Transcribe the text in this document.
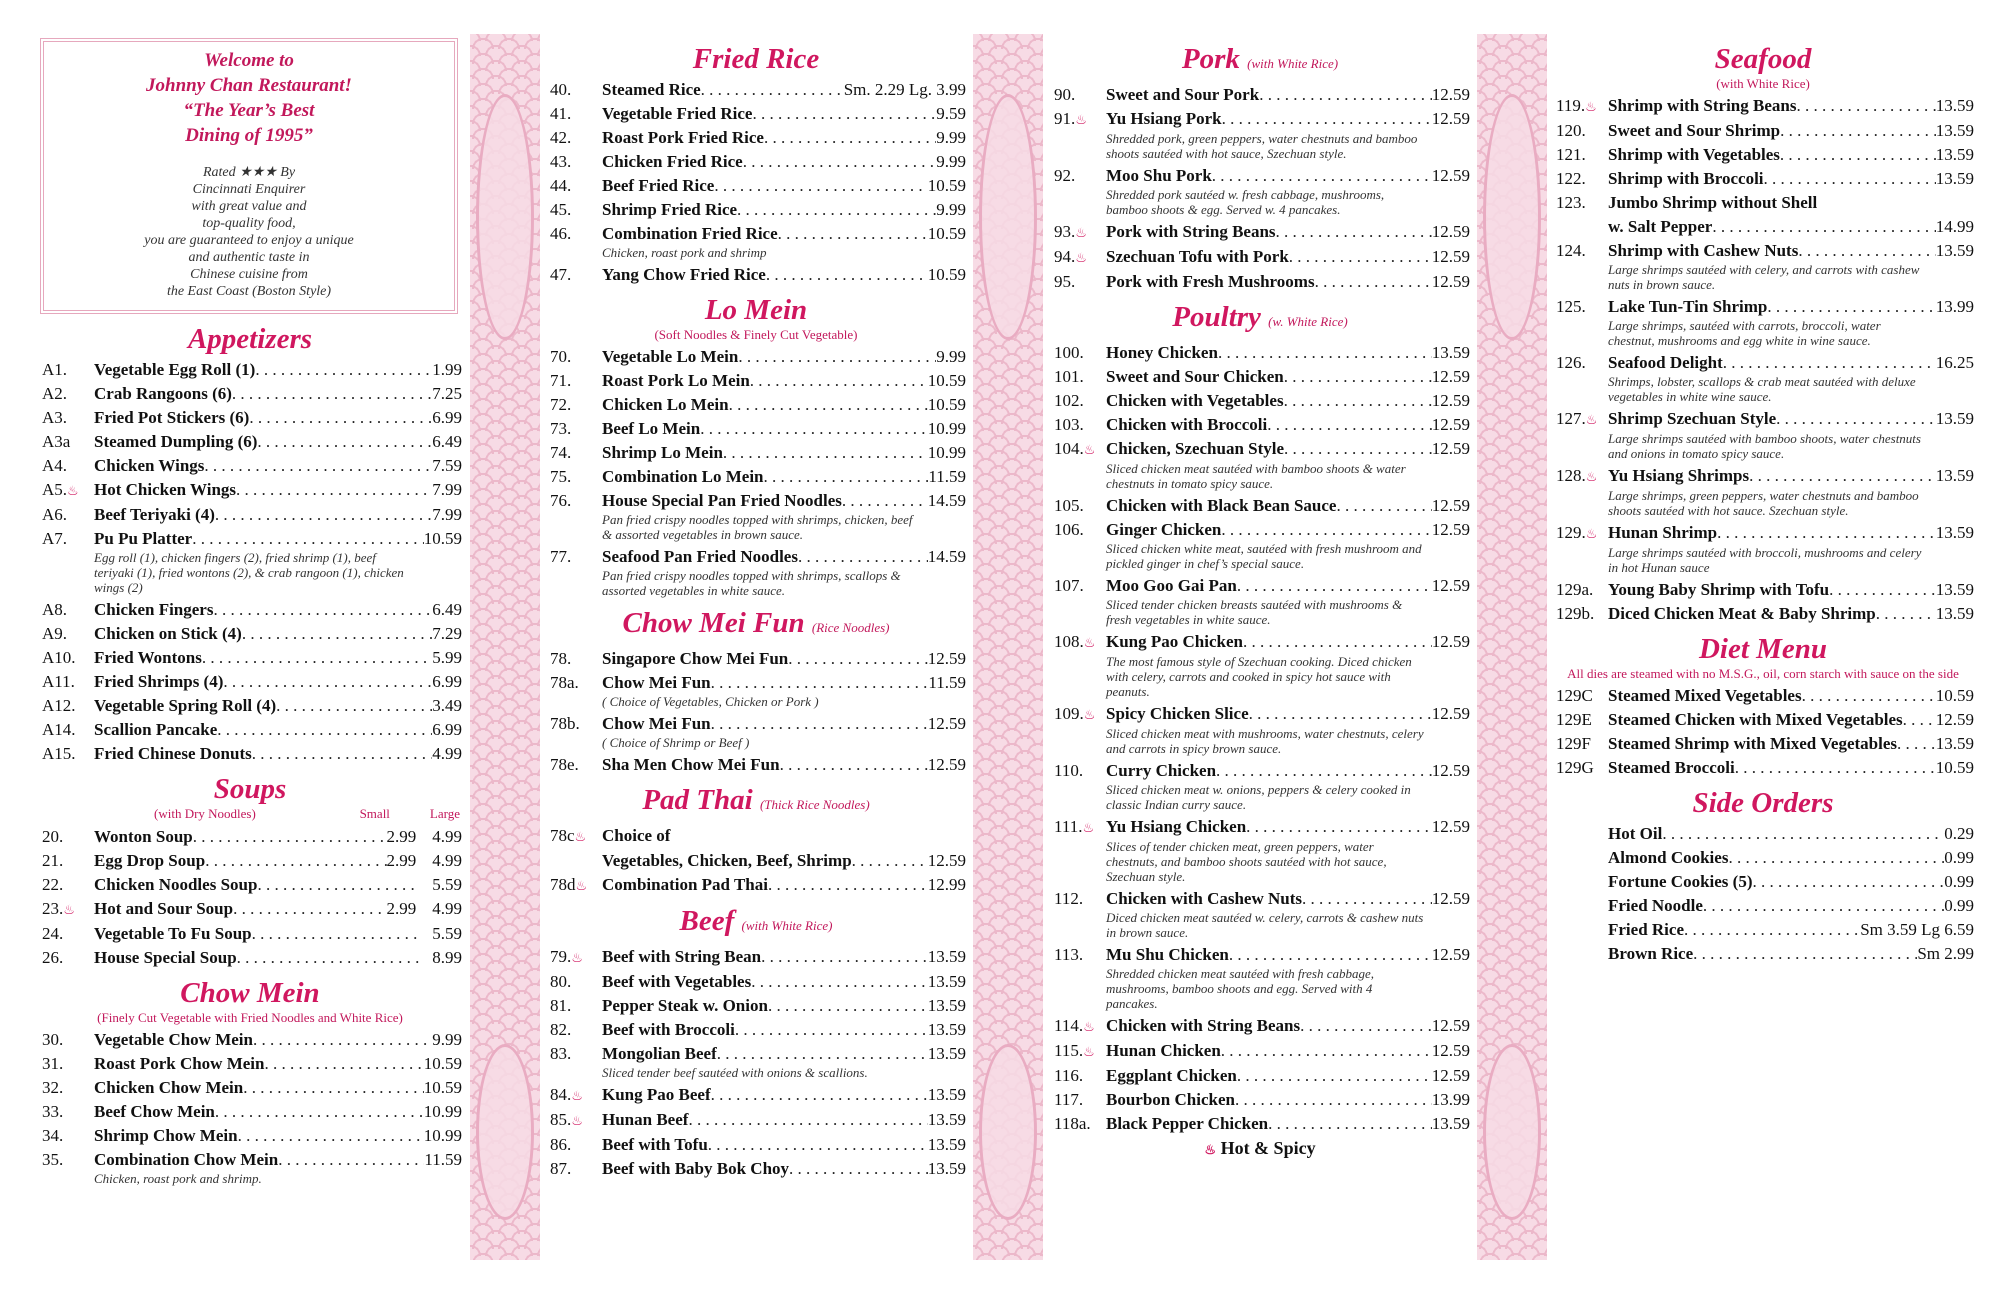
Welcome to
Johnny Chan Restaurant!
“The Year’s Best
Dining of 1995”
Rated ★★★ By
Cincinnati Enquirer
with great value and
top-quality food,
you are guaranteed to enjoy a unique
and authentic taste in
Chinese cuisine from
the East Coast (Boston Style)
Appetizers
A1.	Vegetable Egg Roll (1) . . .	1.99
A2.	Crab Rangoons (6) . . .	7.25
A3.	Fried Pot Stickers (6) . . .	6.99
A3a	Steamed Dumpling (6) . . .	6.49
A4.	Chicken Wings . . .	7.59
A5.♨ Hot Chicken Wings . . .	7.99
A6.	Beef Teriyaki (4) . . .	7.99
A7.	Pu Pu Platter . . .	10.59
Egg roll (1), chicken fingers (2), fried shrimp (1), beef teriyaki (1), fried wontons (2), & crab rangoon (1), chicken wings (2)
A8.	Chicken Fingers . . .	6.49
A9.	Chicken on Stick (4) . . .	7.29
A10.	Fried Wontons . . .	5.99
A11.	Fried Shrimps (4) . . .	6.99
A12.	Vegetable Spring Roll (4) . . .	3.49
A14.	Scallion Pancake . . .	6.99
A15.	Fried Chinese Donuts . . .	4.99
Soups
(with Dry Noodles)	Small	Large
20.	Wonton Soup . . .	2.99 4.99
21.	Egg Drop Soup . . .	2.99 4.99
22.	Chicken Noodles Soup . . .	5.59
23.♨	Hot and Sour Soup . . .	2.99 4.99
24.	Vegetable To Fu Soup . . .	5.59
26.	House Special Soup . . .	8.99
Chow Mein
(Finely Cut Vegetable with Fried Noodles and White Rice)
30.	Vegetable Chow Mein . . .	9.99
31.	Roast Pork Chow Mein . . .	10.59
32.	Chicken Chow Mein . . .	10.59
33.	Beef Chow Mein . . .	10.99
34.	Shrimp Chow Mein . . .	10.99
35.	Combination Chow Mein . . .	11.59
Chicken, roast pork and shrimp.
Fried Rice
40.	Steamed Rice . . .	Sm. 2.29 Lg. 3.99
41.	Vegetable Fried Rice . . .	9.59
42.	Roast Pork Fried Rice . . .	9.99
43.	Chicken Fried Rice . . .	9.99
44.	Beef Fried Rice . . .	10.59
45.	Shrimp Fried Rice . . .	9.99
46.	Combination Fried Rice . . .	10.59
Chicken, roast pork and shrimp
47.	Yang Chow Fried Rice . . .	10.59
Lo Mein
(Soft Noodles & Finely Cut Vegetable)
70.	Vegetable Lo Mein . . .	9.99
71.	Roast Pork Lo Mein . . .	10.59
72.	Chicken Lo Mein . . .	10.59
73.	Beef Lo Mein . . .	10.99
74.	Shrimp Lo Mein . . .	10.99
75.	Combination Lo Mein . . .	11.59
76.	House Special Pan Fried Noodles . . .	14.59
Pan fried crispy noodles topped with shrimps, chicken, beef & assorted vegetables in brown sauce.
77.	Seafood Pan Fried Noodles . . .	14.59
Pan fried crispy noodles topped with shrimps, scallops & assorted vegetables in white sauce.
Chow Mei Fun (Rice Noodles)
78.	Singapore Chow Mei Fun . . .	12.59
78a.	Chow Mei Fun . . .	11.59
( Choice of Vegetables, Chicken or Pork )
78b.	Chow Mei Fun . . .	12.59
( Choice of Shrimp or Beef )
78e.	Sha Men Chow Mei Fun . . .	12.59
Pad Thai (Thick Rice Noodles)
78c♨ Choice of
Vegetables, Chicken, Beef, Shrimp . . .	12.59
78d♨ Combination Pad Thai . . .	12.99
Beef (with White Rice)
79.♨	Beef with String Bean . . .	13.59
80.	Beef with Vegetables . . .	13.59
81.	Pepper Steak w. Onion . . .	13.59
82.	Beef with Broccoli . . .	13.59
83.	Mongolian Beef . . .	13.59
Sliced tender beef sautéed with onions & scallions.
84.♨	Kung Pao Beef . . .	13.59
85.♨	Hunan Beef . . .	13.59
86.	Beef with Tofu . . .	13.59
87.	Beef with Baby Bok Choy . . .	13.59
Pork (with White Rice)
90.	Sweet and Sour Pork . . .	12.59
91.♨	Yu Hsiang Pork . . .	12.59
Shredded pork, green peppers, water chestnuts and bamboo shoots sautéed with hot sauce, Szechuan style.
92.	Moo Shu Pork . . .	12.59
Shredded pork sautéed w. fresh cabbage, mushrooms, bamboo shoots & egg. Served w. 4 pancakes.
93.♨	Pork with String Beans . . .	12.59
94.♨	Szechuan Tofu with Pork . . .	12.59
95.	Pork with Fresh Mushrooms . . .	12.59
Poultry (w. White Rice)
100.	Honey Chicken . . .	13.59
101.	Sweet and Sour Chicken . . .	12.59
102.	Chicken with Vegetables . . .	12.59
103.	Chicken with Broccoli . . .	12.59
104.♨ Chicken, Szechuan Style . . .	12.59
Sliced chicken meat sautéed with bamboo shoots & water chestnuts in tomato spicy sauce.
105.	Chicken with Black Bean Sauce . . .	12.59
106.	Ginger Chicken . . .	12.59
Sliced chicken white meat, sautéed with fresh mushroom and pickled ginger in chef’s special sauce.
107.	Moo Goo Gai Pan . . .	12.59
Sliced tender chicken breasts sautéed with mushrooms & fresh vegetables in white sauce.
108.♨ Kung Pao Chicken . . .	12.59
The most famous style of Szechuan cooking. Diced chicken with celery, carrots and cooked in spicy hot sauce with peanuts.
109.♨ Spicy Chicken Slice . . .	12.59
Sliced chicken meat with mushrooms, water chestnuts, celery and carrots in spicy brown sauce.
110.	Curry Chicken . . .	12.59
Sliced chicken meat w. onions, peppers & celery cooked in classic Indian curry sauce.
111.♨ Yu Hsiang Chicken . . .	12.59
Slices of tender chicken meat, green peppers, water chestnuts, and bamboo shoots sautéed with hot sauce, Szechuan style.
112.	Chicken with Cashew Nuts . . .	12.59
Diced chicken meat sautéed w. celery, carrots & cashew nuts in brown sauce.
113.	Mu Shu Chicken . . .	12.59
Shredded chicken meat sautéed with fresh cabbage, mushrooms, bamboo shoots and egg. Served with 4 pancakes.
114.♨ Chicken with String Beans . . .	12.59
115.♨ Hunan Chicken . . .	12.59
116.	Eggplant Chicken . . .	12.59
117.	Bourbon Chicken . . .	13.99
118a. Black Pepper Chicken . . .	13.59
♨ Hot & Spicy
Seafood
(with White Rice)
119.♨ Shrimp with String Beans . . .	13.59
120.	Sweet and Sour Shrimp . . .	13.59
121.	Shrimp with Vegetables . . .	13.59
122.	Shrimp with Broccoli . . .	13.59
123.	Jumbo Shrimp without Shell
w. Salt Pepper . . .	14.99
124.	Shrimp with Cashew Nuts . . .	13.59
Large shrimps sautéed with celery, and carrots with cashew nuts in brown sauce.
125.	Lake Tun-Tin Shrimp . . .	13.99
Large shrimps, sautéed with carrots, broccoli, water chestnut, mushrooms and egg white in wine sauce.
126.	Seafood Delight . . .	16.25
Shrimps, lobster, scallops & crab meat sautéed with deluxe vegetables in white wine sauce.
127.♨ Shrimp Szechuan Style . . .	13.59
Large shrimps sautéed with bamboo shoots, water chestnuts and onions in tomato spicy sauce.
128.♨ Yu Hsiang Shrimps . . .	13.59
Large shrimps, green peppers, water chestnuts and bamboo shoots sautéed with hot sauce. Szechuan style.
129.♨ Hunan Shrimp . . .	13.59
Large shrimps sautéed with broccoli, mushrooms and celery in hot Hunan sauce
129a. Young Baby Shrimp with Tofu . . .	13.59
129b. Diced Chicken Meat & Baby Shrimp . . .	13.59
Diet Menu
All dies are steamed with no M.S.G., oil, corn starch with sauce on the side
129C Steamed Mixed Vegetables . . .	10.59
129E Steamed Chicken with Mixed Vegetables . . . 12.59
129F	Steamed Shrimp with Mixed Vegetables . . . 13.59
129G Steamed Broccoli . . .	10.59
Side Orders
Hot Oil . . .	0.29
Almond Cookies . . .	0.99
Fortune Cookies (5) . . .	0.99
Fried Noodle . . .	0.99
Fried Rice . . .	Sm 3.59 Lg 6.59
Brown Rice . . .	Sm 2.99
